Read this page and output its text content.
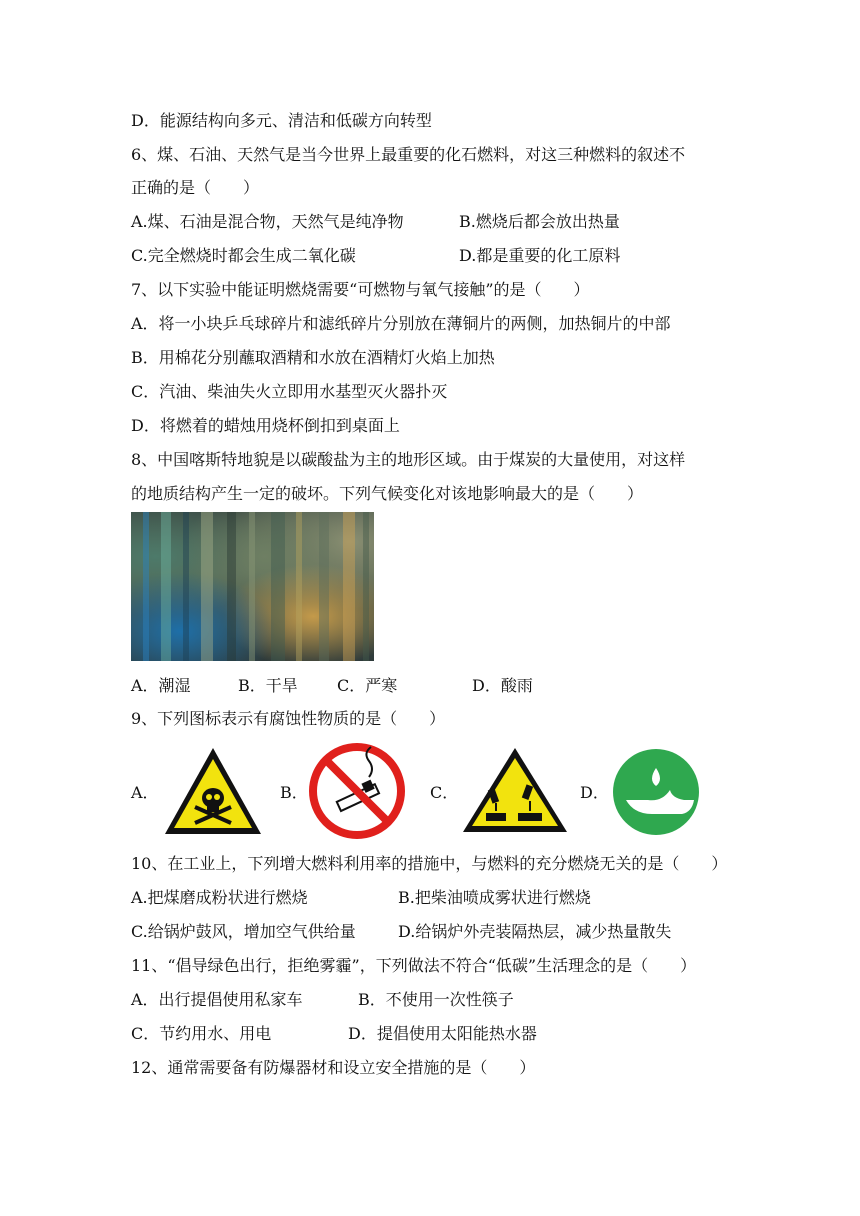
D．能源结构向多元、清洁和低碳方向转型
6、煤、石油、天然气是当今世界上最重要的化石燃料，对这三种燃料的叙述不
正确的是（　　）
A.煤、石油是混合物，天然气是纯净物	B.燃烧后都会放出热量
C.完全燃烧时都会生成二氧化碳	D.都是重要的化工原料
7、以下实验中能证明燃烧需要“可燃物与氧气接触”的是（　　）
A．将一小块乒乓球碎片和滤纸碎片分别放在薄铜片的两侧，加热铜片的中部
B．用棉花分别蘸取酒精和水放在酒精灯火焰上加热
C．汽油、柴油失火立即用水基型灭火器扑灭
D．将燃着的蜡烛用烧杯倒扣到桌面上
8、中国喀斯特地貌是以碳酸盐为主的地形区域。由于煤炭的大量使用，对这样
的地质结构产生一定的破坏。下列气候变化对该地影响最大的是（　　）
A．潮湿	B．干旱 C．严寒	D．酸雨
9、下列图标表示有腐蚀性物质的是（　　）
A．	B．	C．	D．
10、在工业上，下列增大燃料利用率的措施中，与燃料的充分燃烧无关的是（　　）
A.把煤磨成粉状进行燃烧	B.把柴油喷成雾状进行燃烧
C.给锅炉鼓风，增加空气供给量	D.给锅炉外壳装隔热层，减少热量散失
11、“倡导绿色出行，拒绝雾霾”，下列做法不符合“低碳”生活理念的是（　　）
A．出行提倡使用私家车	B．不使用一次性筷子
C．节约用水、用电	D．提倡使用太阳能热水器
12、通常需要备有防爆器材和设立安全措施的是（　　）
